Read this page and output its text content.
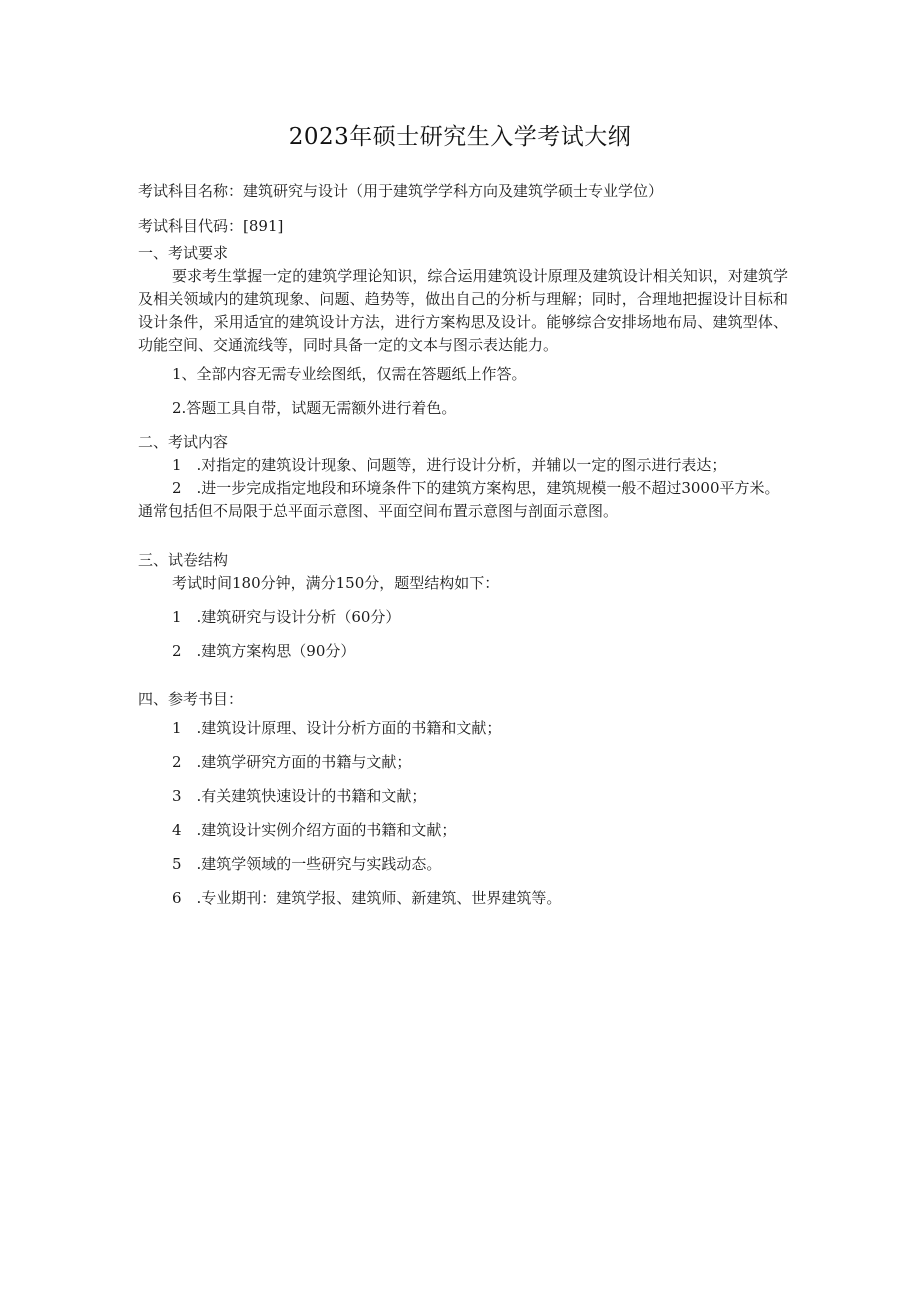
2023年硕士研究生入学考试大纲

考试科目名称：建筑研究与设计（用于建筑学学科方向及建筑学硕士专业学位）

考试科目代码：[891]

一、考试要求

要求考生掌握一定的建筑学理论知识，综合运用建筑设计原理及建筑设计相关知识，对建筑学及相关领域内的建筑现象、问题、趋势等，做出自己的分析与理解；同时，合理地把握设计目标和设计条件，采用适宜的建筑设计方法，进行方案构思及设计。能够综合安排场地布局、建筑型体、功能空间、交通流线等，同时具备一定的文本与图示表达能力。

1、全部内容无需专业绘图纸，仅需在答题纸上作答。
2.答题工具自带，试题无需额外进行着色。

二、考试内容

1　.对指定的建筑设计现象、问题等，进行设计分析，并辅以一定的图示进行表达；
2　.进一步完成指定地段和环境条件下的建筑方案构思，建筑规模一般不超过3000平方米。通常包括但不局限于总平面示意图、平面空间布置示意图与剖面示意图。

三、试卷结构

考试时间180分钟，满分150分，题型结构如下：
1　.建筑研究与设计分析（60分）
2　.建筑方案构思（90分）

四、参考书目：

1　.建筑设计原理、设计分析方面的书籍和文献；
2　.建筑学研究方面的书籍与文献；
3　.有关建筑快速设计的书籍和文献；
4　.建筑设计实例介绍方面的书籍和文献；
5　.建筑学领域的一些研究与实践动态。
6　.专业期刊：建筑学报、建筑师、新建筑、世界建筑等。
